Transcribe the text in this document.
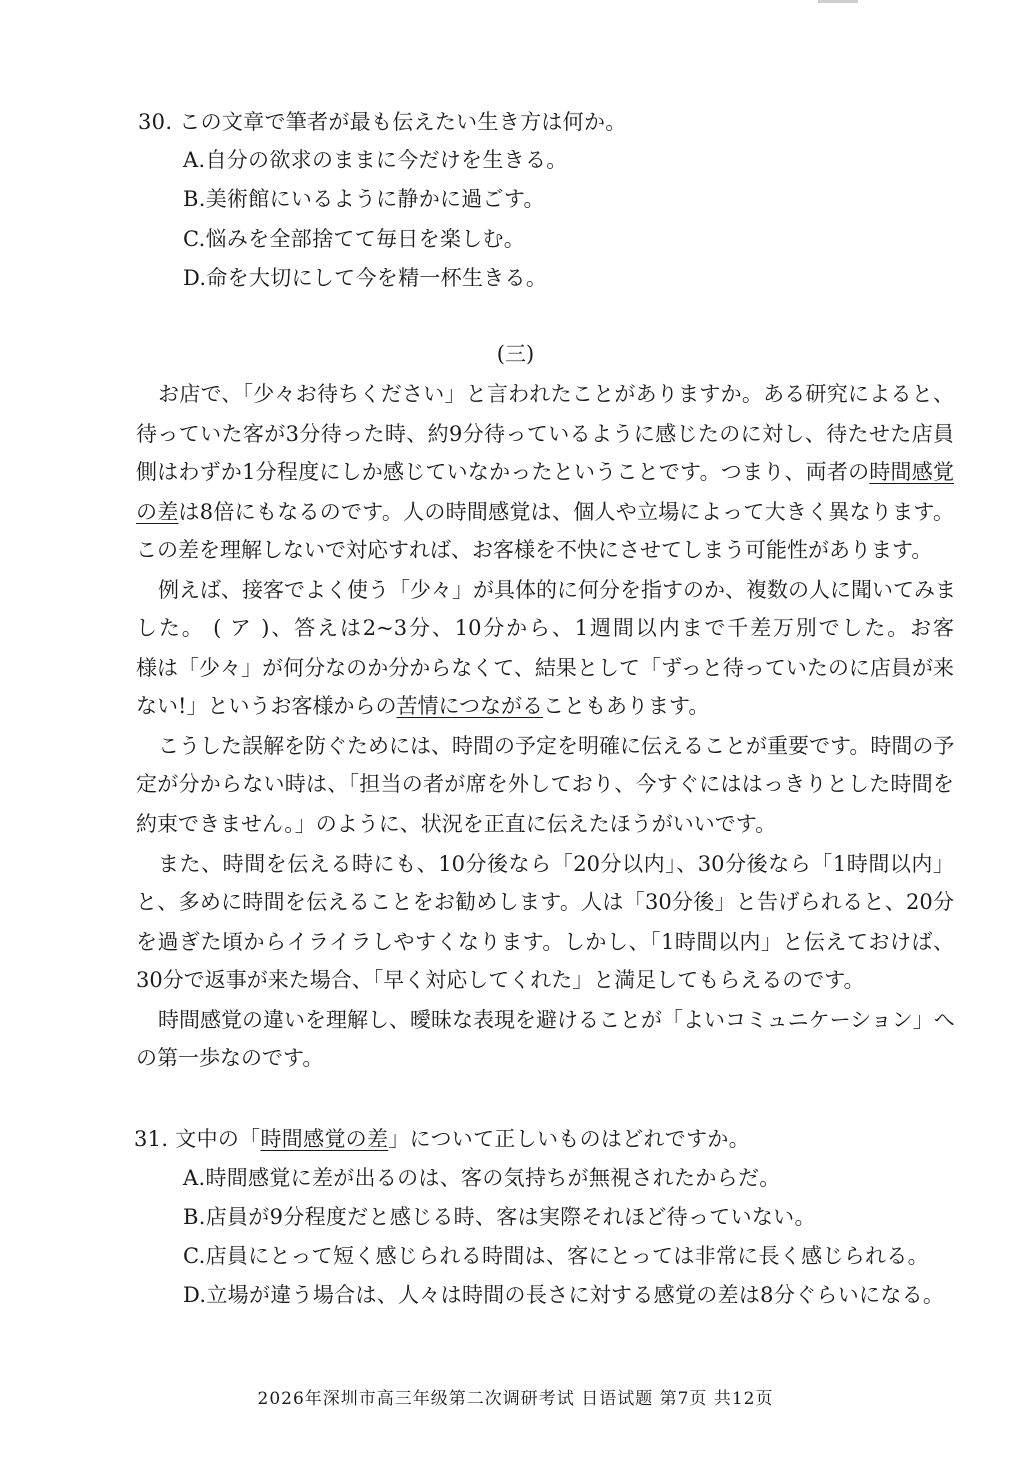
30. この文章で筆者が最も伝えたい生き方は何か。
A.自分の欲求のままに今だけを生きる。
B.美術館にいるように静かに過ごす。
C.悩みを全部捨てて毎日を楽しむ。
D.命を大切にして今を精一杯生きる。
(三)
お店で、「少々お待ちください」と言われたことがありますか。ある研究によると、
待っていた客が3分待った時、約9分待っているように感じたのに対し、待たせた店員
側はわずか1分程度にしか感じていなかったということです。つまり、両者の時間感覚
の差は8倍にもなるのです。人の時間感覚は、個人や立場によって大きく異なります。
この差を理解しないで対応すれば、お客様を不快にさせてしまう可能性があります。
例えば、接客でよく使う「少々」が具体的に何分を指すのか、複数の人に聞いてみま
した。 ( ア )、答えは2~3分、10分から、1週間以内まで千差万別でした。お客
様は「少々」が何分なのか分からなくて、結果として「ずっと待っていたのに店員が来
ない!」というお客様からの苦情につながることもあります。
こうした誤解を防ぐためには、時間の予定を明確に伝えることが重要です。時間の予
定が分からない時は、「担当の者が席を外しており、今すぐにははっきりとした時間を
約束できません。」のように、状況を正直に伝えたほうがいいです。
また、時間を伝える時にも、10分後なら「20分以内」、30分後なら「1時間以内」
と、多めに時間を伝えることをお勧めします。人は「30分後」と告げられると、20分
を過ぎた頃からイライラしやすくなります。しかし、「1時間以内」と伝えておけば、
30分で返事が来た場合、「早く対応してくれた」と満足してもらえるのです。
時間感覚の違いを理解し、曖昧な表現を避けることが「よいコミュニケーション」へ
の第一歩なのです。
31. 文中の「時間感覚の差」について正しいものはどれですか。
A.時間感覚に差が出るのは、客の気持ちが無視されたからだ。
B.店員が9分程度だと感じる時、客は実際それほど待っていない。
C.店員にとって短く感じられる時間は、客にとっては非常に長く感じられる。
D.立場が違う場合は、人々は時間の長さに対する感覚の差は8分ぐらいになる。
2026年深圳市高三年级第二次调研考试 日语试题 第7页 共12页
